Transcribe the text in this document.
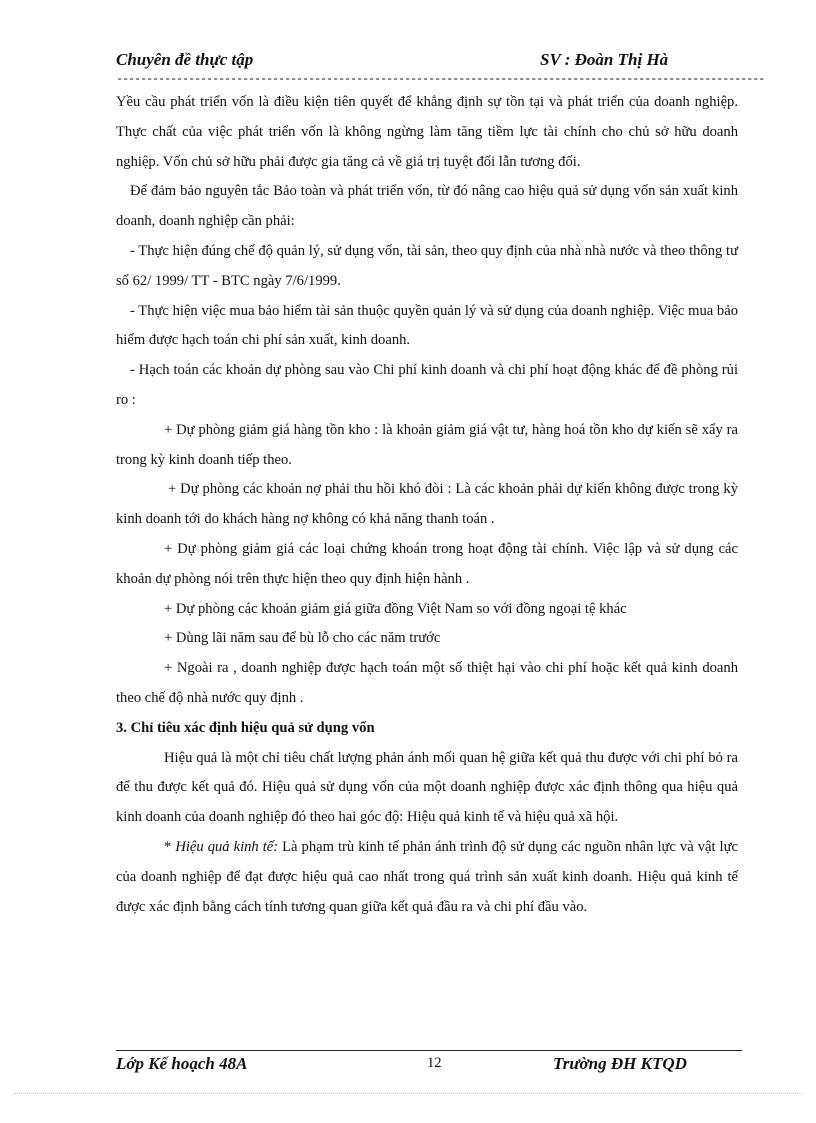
Chuyên đề thực tập	SV : Đoàn Thị Hà
------------------------------------------------------------------------------------------------------------

Yều cầu phát triển vốn là điều kiện tiên quyết để khẳng định sự tồn tại và phát triển của doanh nghiệp. Thực chất của việc phát triển vốn là không ngừng làm tăng tiềm lực tài chính cho chủ sở hữu doanh nghiệp. Vốn chủ sở hữu phải được gia tăng cả về giá trị tuyệt đối lẫn tương đối.

Để đảm bảo nguyên tắc Bảo toàn và phát triển vốn, từ đó nâng cao hiệu quả sử dụng vốn sản xuất kinh doanh, doanh nghiệp cần phải:

- Thực hiện đúng chế độ quản lý, sử dụng vốn, tài sản, theo quy định của nhà nhà nước và theo thông tư số 62/ 1999/ TT - BTC ngày 7/6/1999.

- Thực hiện việc mua bảo hiểm tài sản thuộc quyền quản lý và sử dụng của doanh nghiệp. Việc mua bảo hiểm được hạch toán chi phí sản xuất, kinh doanh.

- Hạch toán các khoản dự phòng sau vào Chi phí kinh doanh và chi phí hoạt động khác để đề phòng rủi ro :

+ Dự phòng giảm giá hàng tồn kho : là khoản giảm giá vật tư, hàng hoá tồn kho dự kiến sẽ xẩy ra trong kỳ kinh doanh tiếp theo.

+ Dự phòng các khoản nợ phải thu hồi khó đòi : Là các khoản phải dự kiến không được trong kỳ kinh doanh tới do khách hàng nợ không có khả năng thanh toán .

+ Dự phòng giảm giá các loại chứng khoán trong hoạt động tài chính. Việc lập và sử dụng các khoản dự phòng nói trên thực hiện theo quy định hiện hành .

+ Dự phòng các khoản giảm giá giữa đồng Việt Nam so với đồng ngoại tệ khác

+ Dùng lãi năm sau để bù lỗ cho các năm trước

+ Ngoài ra , doanh nghiệp được hạch toán một số thiệt hại vào chi phí hoặc kết quả kinh doanh theo chế độ nhà nước quy định .

3. Chỉ tiêu xác định hiệu quả sử dụng vốn

Hiệu quả là một chỉ tiêu chất lượng phản ánh mối quan hệ giữa kết quả thu được với chi phí bỏ ra để thu được kết quả đó. Hiệu quả sử dụng vốn của một doanh nghiệp được xác định thông qua hiệu quả kinh doanh của doanh nghiệp đó theo hai góc độ: Hiệu quả kinh tế và hiệu quả xã hội.

* Hiệu quả kinh tế: Là phạm trù kinh tế phản ánh trình độ sử dụng các nguồn nhân lực và vật lực của doanh nghiệp để đạt được hiệu quả cao nhất trong quá trình sản xuất kinh doanh. Hiệu quả kinh tế được xác định bằng cách tính tương quan giữa kết quả đầu ra và chi phí đầu vào.

Lớp Kế hoạch 48A	12	Trường ĐH KTQD
